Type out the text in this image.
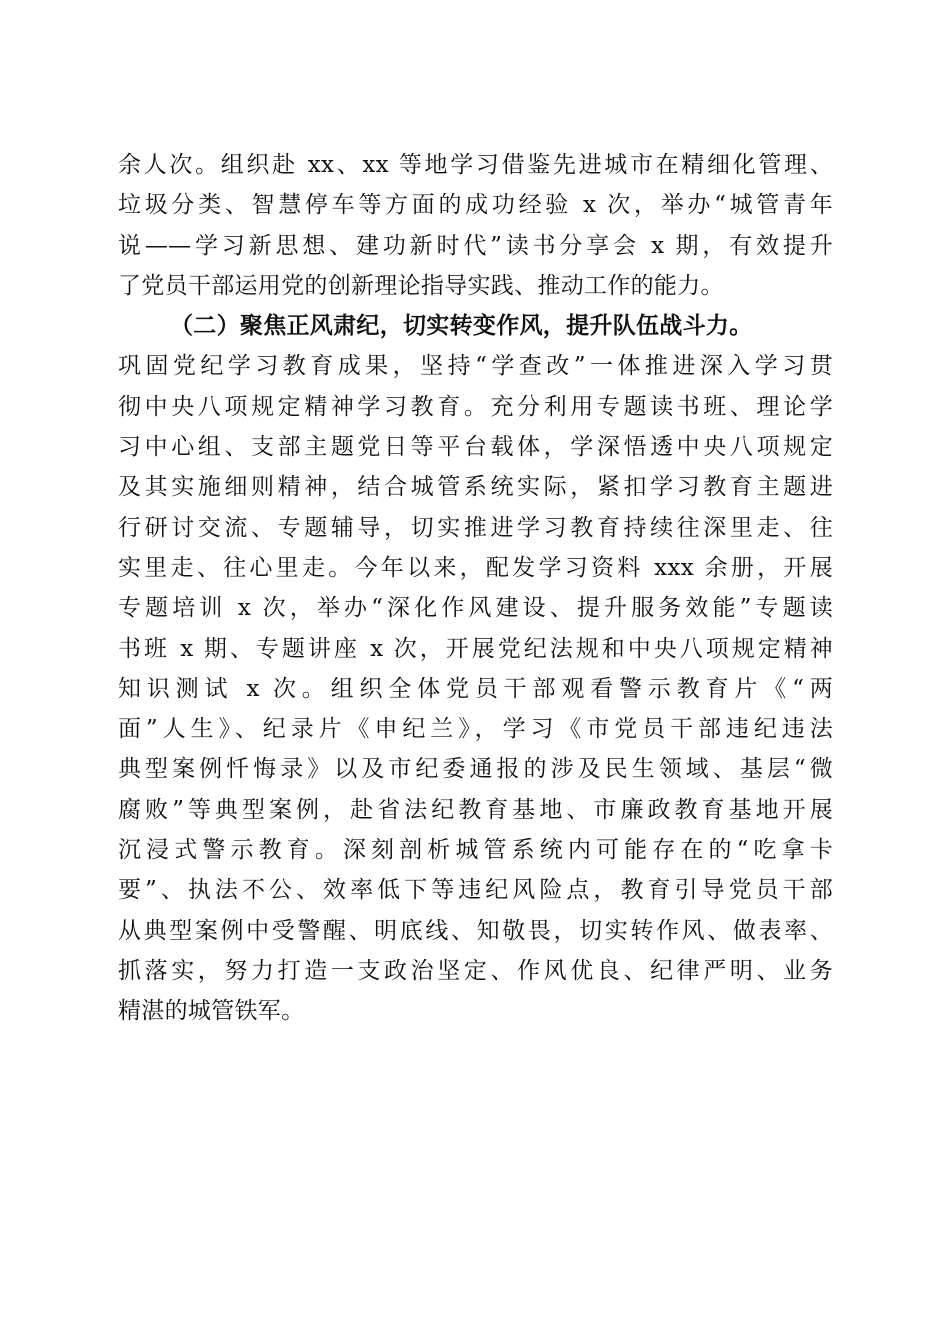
余人次。组织赴 xx、xx 等地学习借鉴先进城市在精细化管理、
垃圾分类、智慧停车等方面的成功经验 x 次，举办“城管青年
说——学习新思想、建功新时代”读书分享会 x 期，有效提升
了党员干部运用党的创新理论指导实践、推动工作的能力。
（二）聚焦正风肃纪，切实转变作风，提升队伍战斗力。
巩固党纪学习教育成果，坚持“学查改”一体推进深入学习贯
彻中央八项规定精神学习教育。充分利用专题读书班、理论学
习中心组、支部主题党日等平台载体，学深悟透中央八项规定
及其实施细则精神，结合城管系统实际，紧扣学习教育主题进
行研讨交流、专题辅导，切实推进学习教育持续往深里走、往
实里走、往心里走。今年以来，配发学习资料 xxx 余册，开展
专题培训 x 次，举办“深化作风建设、提升服务效能”专题读
书班 x 期、专题讲座 x 次，开展党纪法规和中央八项规定精神
知识测试 x 次。组织全体党员干部观看警示教育片《“两
面”人生》、纪录片《申纪兰》，学习《市党员干部违纪违法
典型案例忏悔录》以及市纪委通报的涉及民生领域、基层“微
腐败”等典型案例，赴省法纪教育基地、市廉政教育基地开展
沉浸式警示教育。深刻剖析城管系统内可能存在的“吃拿卡
要”、执法不公、效率低下等违纪风险点，教育引导党员干部
从典型案例中受警醒、明底线、知敬畏，切实转作风、做表率、
抓落实，努力打造一支政治坚定、作风优良、纪律严明、业务
精湛的城管铁军。
